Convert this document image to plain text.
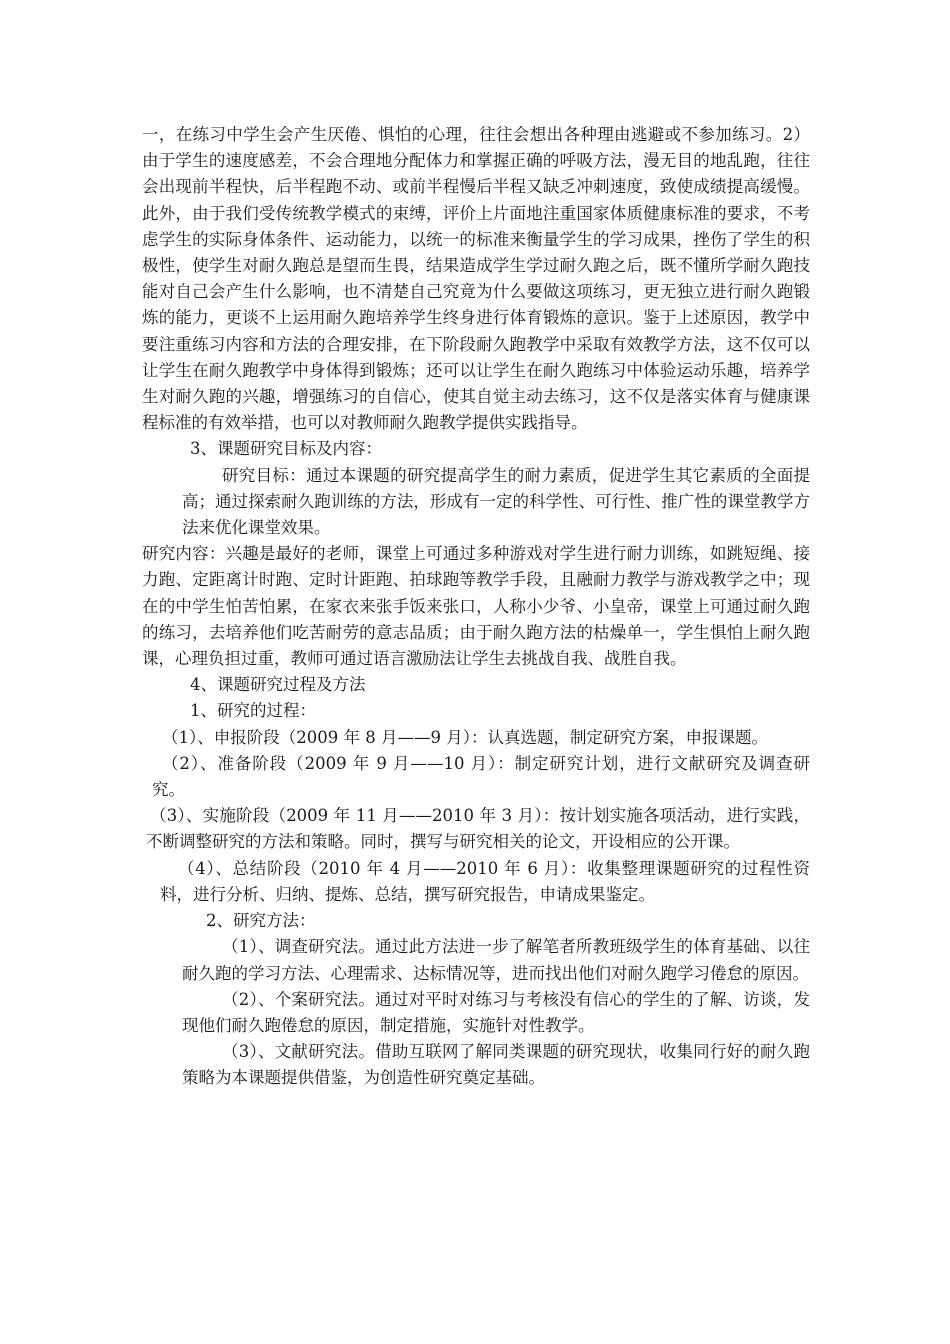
一，在练习中学生会产生厌倦、惧怕的心理，往往会想出各种理由逃避或不参加练习。2）由于学生的速度感差，不会合理地分配体力和掌握正确的呼吸方法，漫无目的地乱跑，往往会出现前半程快，后半程跑不动、或前半程慢后半程又缺乏冲刺速度，致使成绩提高缓慢。此外，由于我们受传统教学模式的束缚，评价上片面地注重国家体质健康标准的要求，不考虑学生的实际身体条件、运动能力，以统一的标准来衡量学生的学习成果，挫伤了学生的积极性，使学生对耐久跑总是望而生畏，结果造成学生学过耐久跑之后，既不懂所学耐久跑技能对自己会产生什么影响，也不清楚自己究竟为什么要做这项练习，更无独立进行耐久跑锻炼的能力，更谈不上运用耐久跑培养学生终身进行体育锻炼的意识。鉴于上述原因，教学中要注重练习内容和方法的合理安排，在下阶段耐久跑教学中采取有效教学方法，这不仅可以让学生在耐久跑教学中身体得到锻炼；还可以让学生在耐久跑练习中体验运动乐趣，培养学生对耐久跑的兴趣，增强练习的自信心，使其自觉主动去练习，这不仅是落实体育与健康课程标准的有效举措，也可以对教师耐久跑教学提供实践指导。

3、课题研究目标及内容：

研究目标：通过本课题的研究提高学生的耐力素质，促进学生其它素质的全面提高；通过探索耐久跑训练的方法，形成有一定的科学性、可行性、推广性的课堂教学方法来优化课堂效果。

研究内容：兴趣是最好的老师，课堂上可通过多种游戏对学生进行耐力训练，如跳短绳、接力跑、定距离计时跑、定时计距跑、拍球跑等教学手段，且融耐力教学与游戏教学之中；现在的中学生怕苦怕累，在家衣来张手饭来张口，人称小少爷、小皇帝，课堂上可通过耐久跑的练习，去培养他们吃苦耐劳的意志品质；由于耐久跑方法的枯燥单一，学生惧怕上耐久跑课，心理负担过重，教师可通过语言激励法让学生去挑战自我、战胜自我。

4、课题研究过程及方法

1、研究的过程：

（1）、申报阶段（2009 年 8 月——9 月）：认真选题，制定研究方案，申报课题。

（2）、准备阶段（2009 年 9 月——10 月）：制定研究计划，进行文献研究及调查研究。

（3）、实施阶段（2009 年 11 月——2010 年 3 月）：按计划实施各项活动，进行实践，不断调整研究的方法和策略。同时，撰写与研究相关的论文，开设相应的公开课。

（4）、总结阶段（2010 年 4 月——2010 年 6 月）：收集整理课题研究的过程性资料，进行分析、归纳、提炼、总结，撰写研究报告，申请成果鉴定。

2、研究方法：

（1）、调查研究法。通过此方法进一步了解笔者所教班级学生的体育基础、以往耐久跑的学习方法、心理需求、达标情况等，进而找出他们对耐久跑学习倦怠的原因。

（2）、个案研究法。通过对平时对练习与考核没有信心的学生的了解、访谈，发现他们耐久跑倦怠的原因，制定措施，实施针对性教学。

（3）、文献研究法。借助互联网了解同类课题的研究现状，收集同行好的耐久跑策略为本课题提供借鉴，为创造性研究奠定基础。
